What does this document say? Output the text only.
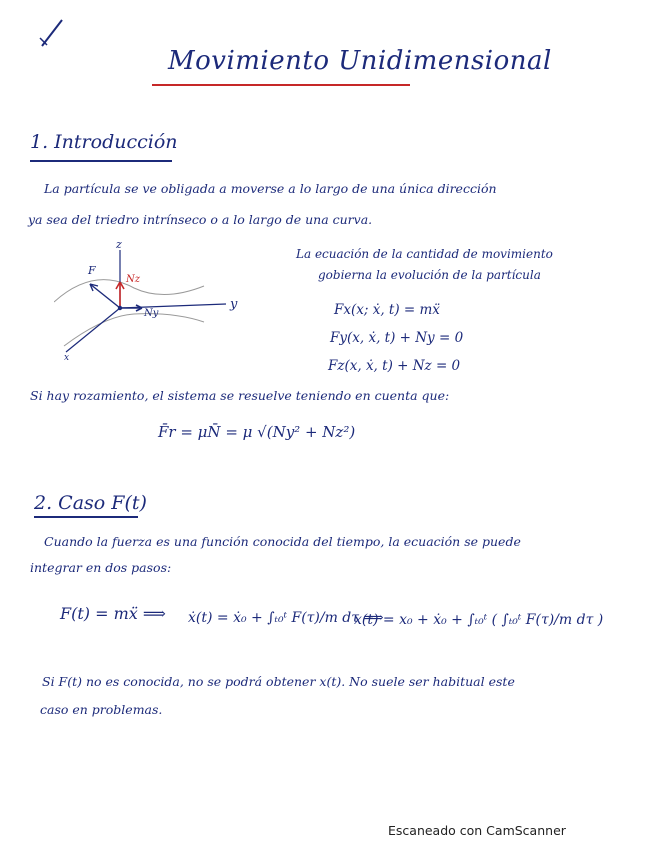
Movimiento Unidimensional
1. Introducción
La partícula se ve obligada a moverse a lo largo de una única dirección
ya sea del triedro intrínseco o a lo largo de una curva.
z
F
Nz
Ny
y
x
La ecuación de la cantidad de movimiento
gobierna la evolución de la partícula
Fx(x; ẋ, t) = mẍ
Fy(x, ẋ, t) + Ny = 0
Fz(x, ẋ, t) + Nz = 0
Si hay rozamiento, el sistema se resuelve teniendo en cuenta que:
F̄r = μN̄ = μ √(Ny² + Nz²)
2. Caso F(t)
Cuando la fuerza es una función conocida del tiempo, la ecuación se puede
integrar en dos pasos:
F(t) = mẍ ⟹ ẋ(t) = ẋ₀ + ∫ₜ₀ᵗ F(τ)/m dτ ⟹
x(t) = x₀ + ẋ₀ + ∫ₜ₀ᵗ ( ∫ₜ₀ᵗ F(τ)/m dτ )
Si F(t) no es conocida, no se podrá obtener x(t). No suele ser habitual este
caso en problemas.
Escaneado con CamScanner
